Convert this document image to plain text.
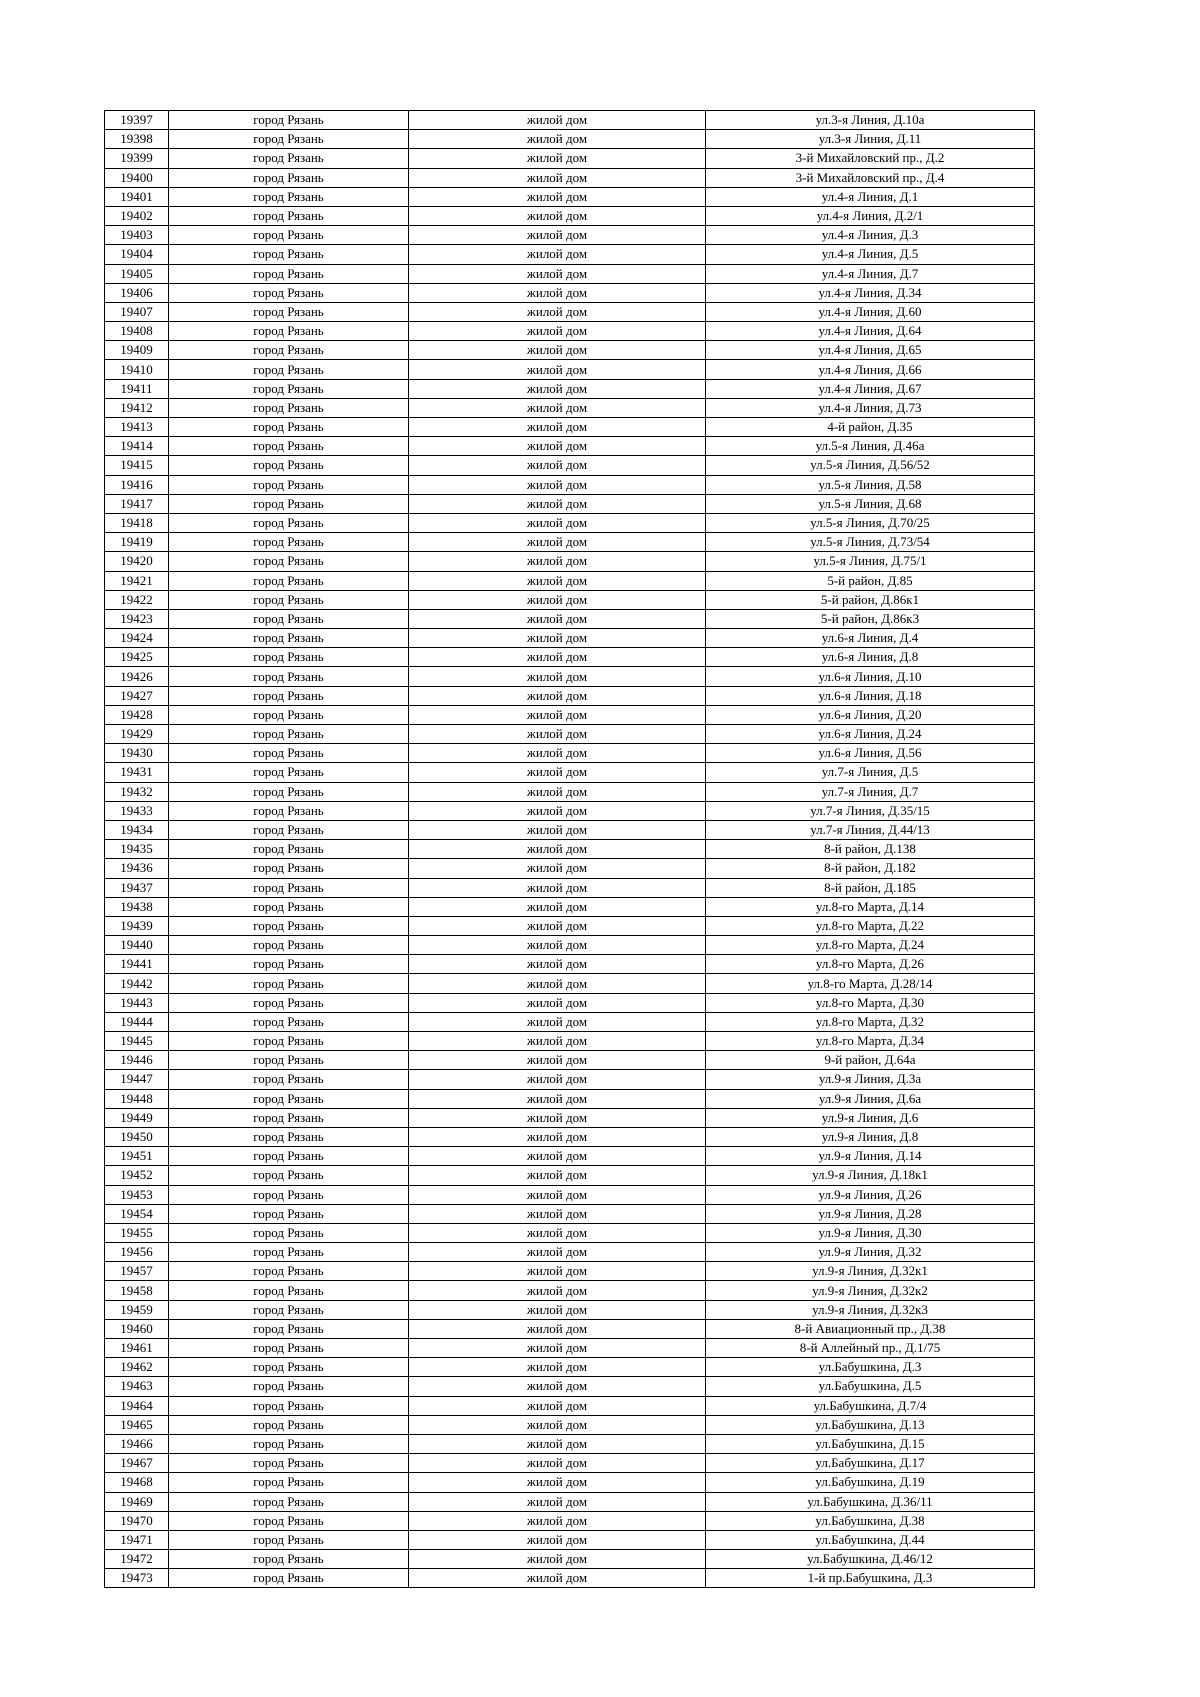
19397	город Рязань	жилой дом	ул.3-я Линия, Д.10а
19398	город Рязань	жилой дом	ул.3-я Линия, Д.11
19399	город Рязань	жилой дом	3-й Михайловский пр., Д.2
19400	город Рязань	жилой дом	3-й Михайловский пр., Д.4
19401	город Рязань	жилой дом	ул.4-я Линия, Д.1
19402	город Рязань	жилой дом	ул.4-я Линия, Д.2/1
19403	город Рязань	жилой дом	ул.4-я Линия, Д.3
19404	город Рязань	жилой дом	ул.4-я Линия, Д.5
19405	город Рязань	жилой дом	ул.4-я Линия, Д.7
19406	город Рязань	жилой дом	ул.4-я Линия, Д.34
19407	город Рязань	жилой дом	ул.4-я Линия, Д.60
19408	город Рязань	жилой дом	ул.4-я Линия, Д.64
19409	город Рязань	жилой дом	ул.4-я Линия, Д.65
19410	город Рязань	жилой дом	ул.4-я Линия, Д.66
19411	город Рязань	жилой дом	ул.4-я Линия, Д.67
19412	город Рязань	жилой дом	ул.4-я Линия, Д.73
19413	город Рязань	жилой дом	4-й район, Д.35
19414	город Рязань	жилой дом	ул.5-я Линия, Д.46а
19415	город Рязань	жилой дом	ул.5-я Линия, Д.56/52
19416	город Рязань	жилой дом	ул.5-я Линия, Д.58
19417	город Рязань	жилой дом	ул.5-я Линия, Д.68
19418	город Рязань	жилой дом	ул.5-я Линия, Д.70/25
19419	город Рязань	жилой дом	ул.5-я Линия, Д.73/54
19420	город Рязань	жилой дом	ул.5-я Линия, Д.75/1
19421	город Рязань	жилой дом	5-й район, Д.85
19422	город Рязань	жилой дом	5-й район, Д.86к1
19423	город Рязань	жилой дом	5-й район, Д.86к3
19424	город Рязань	жилой дом	ул.6-я Линия, Д.4
19425	город Рязань	жилой дом	ул.6-я Линия, Д.8
19426	город Рязань	жилой дом	ул.6-я Линия, Д.10
19427	город Рязань	жилой дом	ул.6-я Линия, Д.18
19428	город Рязань	жилой дом	ул.6-я Линия, Д.20
19429	город Рязань	жилой дом	ул.6-я Линия, Д.24
19430	город Рязань	жилой дом	ул.6-я Линия, Д.56
19431	город Рязань	жилой дом	ул.7-я Линия, Д.5
19432	город Рязань	жилой дом	ул.7-я Линия, Д.7
19433	город Рязань	жилой дом	ул.7-я Линия, Д.35/15
19434	город Рязань	жилой дом	ул.7-я Линия, Д.44/13
19435	город Рязань	жилой дом	8-й район, Д.138
19436	город Рязань	жилой дом	8-й район, Д.182
19437	город Рязань	жилой дом	8-й район, Д.185
19438	город Рязань	жилой дом	ул.8-го Марта, Д.14
19439	город Рязань	жилой дом	ул.8-го Марта, Д.22
19440	город Рязань	жилой дом	ул.8-го Марта, Д.24
19441	город Рязань	жилой дом	ул.8-го Марта, Д.26
19442	город Рязань	жилой дом	ул.8-го Марта, Д.28/14
19443	город Рязань	жилой дом	ул.8-го Марта, Д.30
19444	город Рязань	жилой дом	ул.8-го Марта, Д.32
19445	город Рязань	жилой дом	ул.8-го Марта, Д.34
19446	город Рязань	жилой дом	9-й район, Д.64а
19447	город Рязань	жилой дом	ул.9-я Линия, Д.3а
19448	город Рязань	жилой дом	ул.9-я Линия, Д.6а
19449	город Рязань	жилой дом	ул.9-я Линия, Д.6
19450	город Рязань	жилой дом	ул.9-я Линия, Д.8
19451	город Рязань	жилой дом	ул.9-я Линия, Д.14
19452	город Рязань	жилой дом	ул.9-я Линия, Д.18к1
19453	город Рязань	жилой дом	ул.9-я Линия, Д.26
19454	город Рязань	жилой дом	ул.9-я Линия, Д.28
19455	город Рязань	жилой дом	ул.9-я Линия, Д.30
19456	город Рязань	жилой дом	ул.9-я Линия, Д.32
19457	город Рязань	жилой дом	ул.9-я Линия, Д.32к1
19458	город Рязань	жилой дом	ул.9-я Линия, Д.32к2
19459	город Рязань	жилой дом	ул.9-я Линия, Д.32к3
19460	город Рязань	жилой дом	8-й Авиационный пр., Д.38
19461	город Рязань	жилой дом	8-й Аллейный пр., Д.1/75
19462	город Рязань	жилой дом	ул.Бабушкина, Д.3
19463	город Рязань	жилой дом	ул.Бабушкина, Д.5
19464	город Рязань	жилой дом	ул.Бабушкина, Д.7/4
19465	город Рязань	жилой дом	ул.Бабушкина, Д.13
19466	город Рязань	жилой дом	ул.Бабушкина, Д.15
19467	город Рязань	жилой дом	ул.Бабушкина, Д.17
19468	город Рязань	жилой дом	ул.Бабушкина, Д.19
19469	город Рязань	жилой дом	ул.Бабушкина, Д.36/11
19470	город Рязань	жилой дом	ул.Бабушкина, Д.38
19471	город Рязань	жилой дом	ул.Бабушкина, Д.44
19472	город Рязань	жилой дом	ул.Бабушкина, Д.46/12
19473	город Рязань	жилой дом	1-й пр.Бабушкина, Д.3
